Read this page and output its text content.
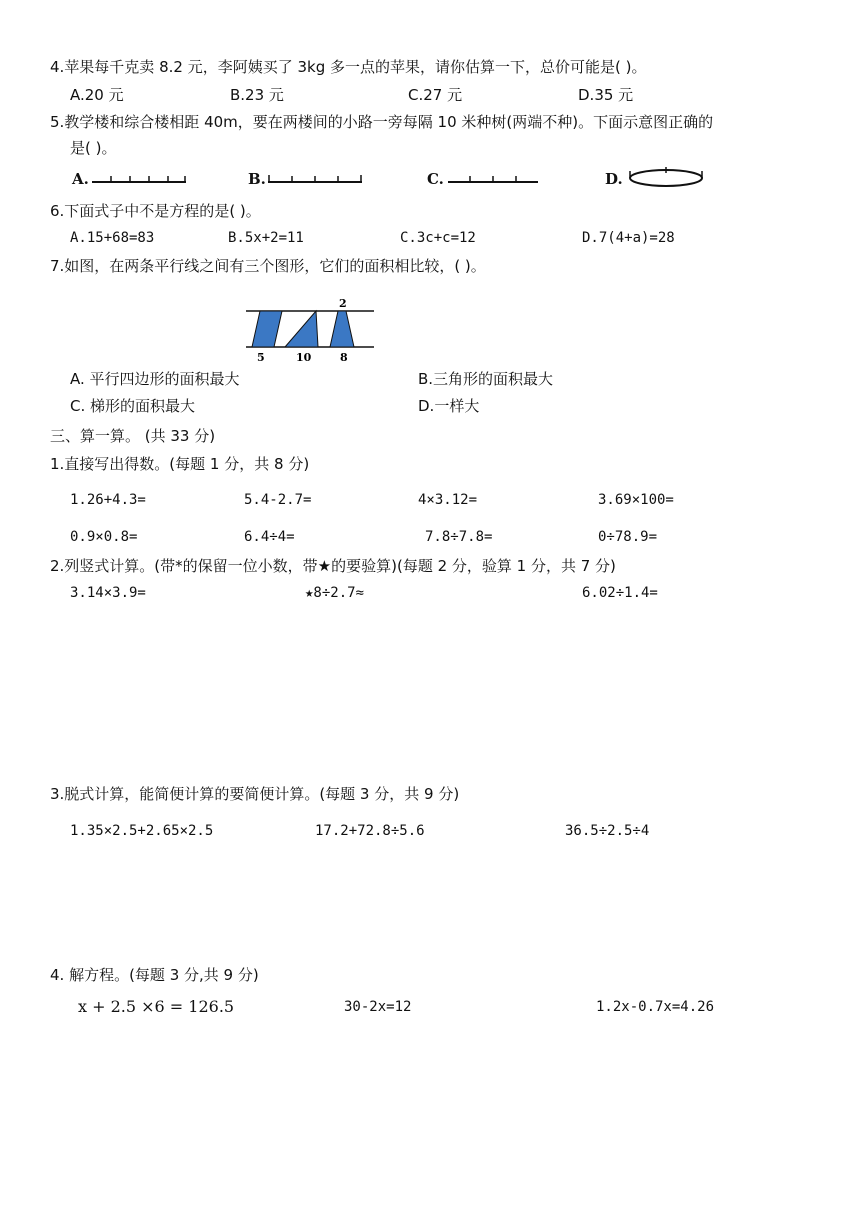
4.苹果每千克卖 8.2 元，李阿姨买了 3kg 多一点的苹果，请你估算一下，总价可能是( )。
A.20 元	B.23 元	C.27 元	D.35 元
5.教学楼和综合楼相距 40m，要在两楼间的小路一旁每隔 10 米种树(两端不种)。下面示意图正确的
是( )。
A.	B.	C.	D.
6.下面式子中不是方程的是( )。
A.15+68=83	B.5x+2=11	C.3c+c=12	D.7(4+a)=28
7.如图，在两条平行线之间有三个图形，它们的面积相比较，( )。
2
5	10	8
A. 平行四边形的面积最大	B.三角形的面积最大
C. 梯形的面积最大	D.一样大
三、算一算。 (共 33 分)
1.直接写出得数。(每题 1 分，共 8 分)
1.26+4.3=	5.4-2.7=	4×3.12=	3.69×100=
0.9×0.8=	6.4÷4=	7.8÷7.8=	0÷78.9=
2.列竖式计算。(带*的保留一位小数，带★的要验算)(每题 2 分，验算 1 分，共 7 分)
3.14×3.9=	★8÷2.7≈	6.02÷1.4=
3.脱式计算，能简便计算的要简便计算。(每题 3 分，共 9 分)
1.35×2.5+2.65×2.5	17.2+72.8÷5.6	36.5÷2.5÷4
4. 解方程。(每题 3 分,共 9 分)
x + 2.5 ×6 = 126.5	30-2x=12	1.2x-0.7x=4.26
